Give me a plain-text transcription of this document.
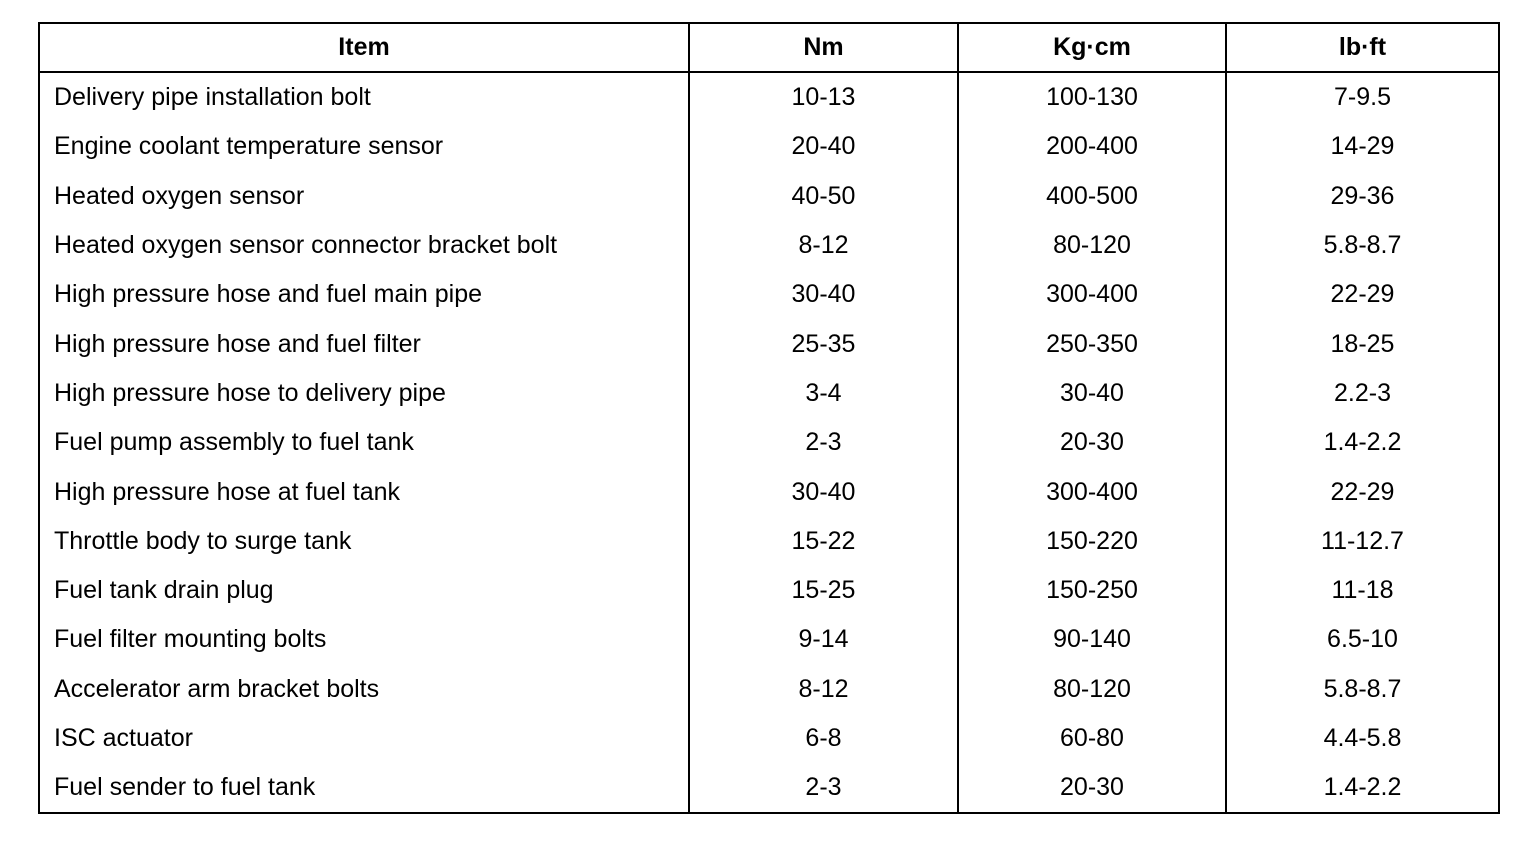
Item	Nm	Kg·cm	lb·ft
Delivery pipe installation bolt	10-13	100-130	7-9.5
Engine coolant temperature sensor	20-40	200-400	14-29
Heated oxygen sensor	40-50	400-500	29-36
Heated oxygen sensor connector bracket bolt	8-12	80-120	5.8-8.7
High pressure hose and fuel main pipe	30-40	300-400	22-29
High pressure hose and fuel filter	25-35	250-350	18-25
High pressure hose to delivery pipe	3-4	30-40	2.2-3
Fuel pump assembly to fuel tank	2-3	20-30	1.4-2.2
High pressure hose at fuel tank	30-40	300-400	22-29
Throttle body to surge tank	15-22	150-220	11-12.7
Fuel tank drain plug	15-25	150-250	11-18
Fuel filter mounting bolts	9-14	90-140	6.5-10
Accelerator arm bracket bolts	8-12	80-120	5.8-8.7
ISC actuator	6-8	60-80	4.4-5.8
Fuel sender to fuel tank	2-3	20-30	1.4-2.2
